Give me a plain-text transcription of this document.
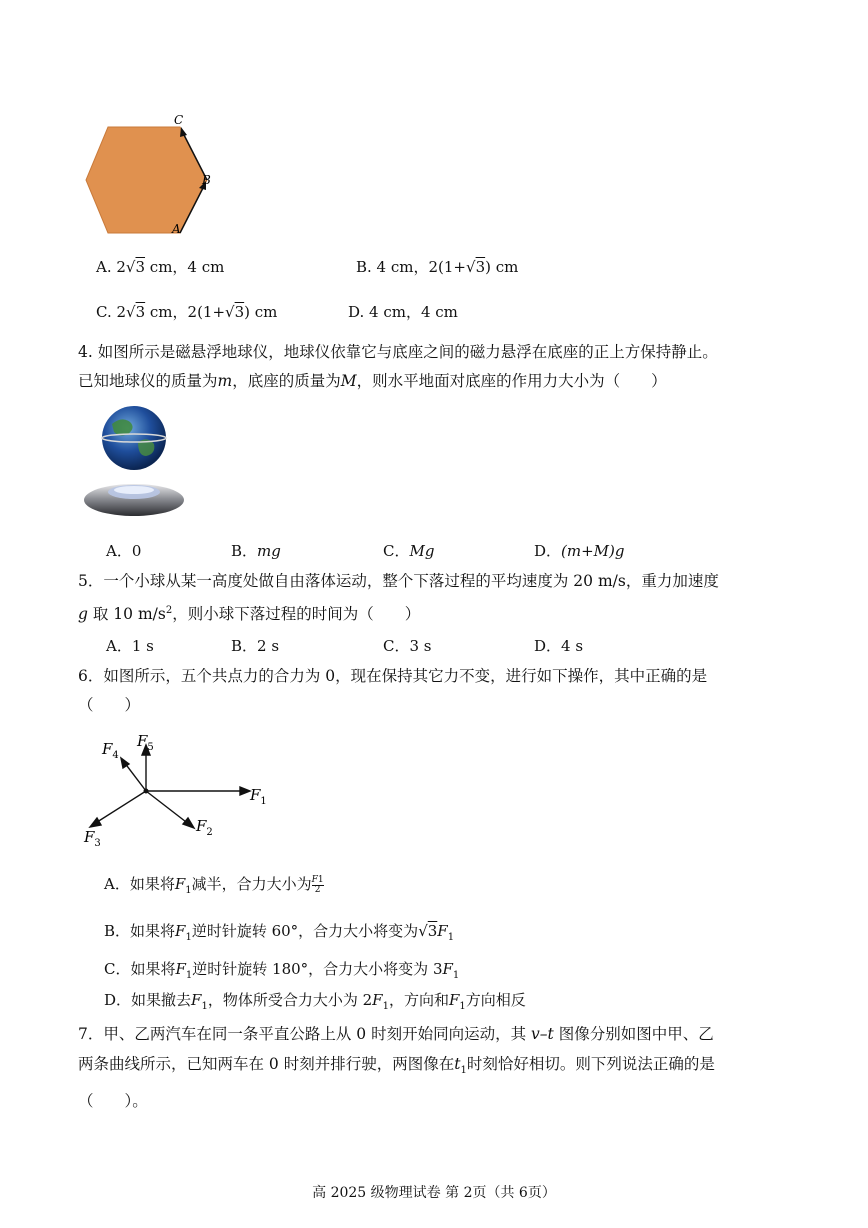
C
B
A
A. 2√3 cm，4 cm	B. 4 cm，2(1+√3) cm
C. 2√3 cm，2(1+√3) cm	D. 4 cm，4 cm
4. 如图所示是磁悬浮地球仪，地球仪依靠它与底座之间的磁力悬浮在底座的正上方保持静止。
已知地球仪的质量为m，底座的质量为M，则水平地面对底座的作用力大小为（　　）
A．0	B．mg	C．Mg	D．(m+M)g
5．一个小球从某一高度处做自由落体运动，整个下落过程的平均速度为 20 m/s，重力加速度
g 取 10 $m/s^2$，则小球下落过程的时间为（　　）
A．1 s	B．2 s	C．3 s	D．4 s
6．如图所示，五个共点力的合力为 0，现在保持其它力不变，进行如下操作，其中正确的是
（　　）
$F_1$
$F_2$
$F_3$
$F_4$
$F_5$
A．如果将$F_1$减半，合力大小为 $\frac{F1}{2}$
B．如果将$F_1$逆时针旋转 60°，合力大小将变为$√3F_1$
C．如果将$F_1$逆时针旋转 180°，合力大小将变为 $3F_1$
D．如果撤去$F_1$，物体所受合力大小为 $2F_1$，方向和$F_1$方向相反
7．甲、乙两汽车在同一条平直公路上从 0 时刻开始同向运动，其 v–t 图像分别如图中甲、乙
两条曲线所示，已知两车在 0 时刻并排行驶，两图像在$t_1$时刻恰好相切。则下列说法正确的是
（　　）。
高 2025 级物理试卷 第 2页（共 6页）
